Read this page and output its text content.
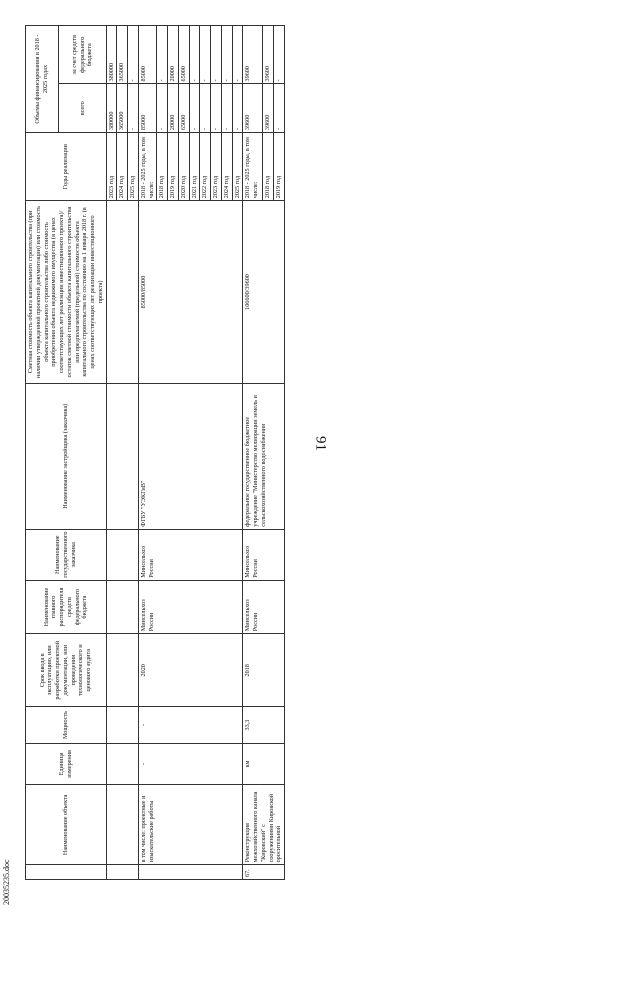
91
20035235.doc
	Наименование объекта	Единица измерения	Мощность	Срок ввода в эксплуатацию, или разработки проектной документации, или проведения технологического и ценового аудита	Наименование главного распорядителя средств федерального бюджета	Наименование государственного заказчика	Наименование застройщика (заказчика)	Сметная стоимость объекта капитального строительства (при наличии утвержденной проектной документации) или стоимость объекта капитального строительства либо стоимость приобретения объекта недвижимого имущества (в ценах соответствующих лет реализации инвестиционного проекта)/ остаток сметной стоимости объекта капитального строительства или предполагаемой (предельной) стоимости объекта капитального строительства по состоянию на 1 января 2018 г. (в ценах соответствующих лет реализации инвестиционного проекта)	Годы реализации	Объемы финансирования в 2018 - 2025 годах	
										всего	за счет средств федерального бюджета
									2023 год	380000	380000
									2024 год	365000	365000
									2025 год	-	-
	в том числе: проектные и изыскательские работы	-	-	2020	Минсельхоз России	Минсельхоз России	ФГБУ "УЭКГиВ"	85000/85000	2018 - 2025 годы, в том числе:	85000	85000
									2018 год	-	-
									2019 год	20000	20000
									2020 год	65000	65000
									2021 год	-	-
									2022 год	-	-
									2023 год	-	-
									2024 год	-	-
									2025 год	-	-
67.	Реконструкция межхозяйственного канала "Кировский" с сооружениями Кировской оросительной	км	33,3	2018	Минсельхоз России	Минсельхоз России	федеральное государственное бюджетное учреждение "Министерство мелиорации земель и сельскохозяйственного водоснабжения	106600/39600	2018 - 2025 годы, в том числе:	39600	39600
									2018 год	39600	39600
									2019 год	-	-
